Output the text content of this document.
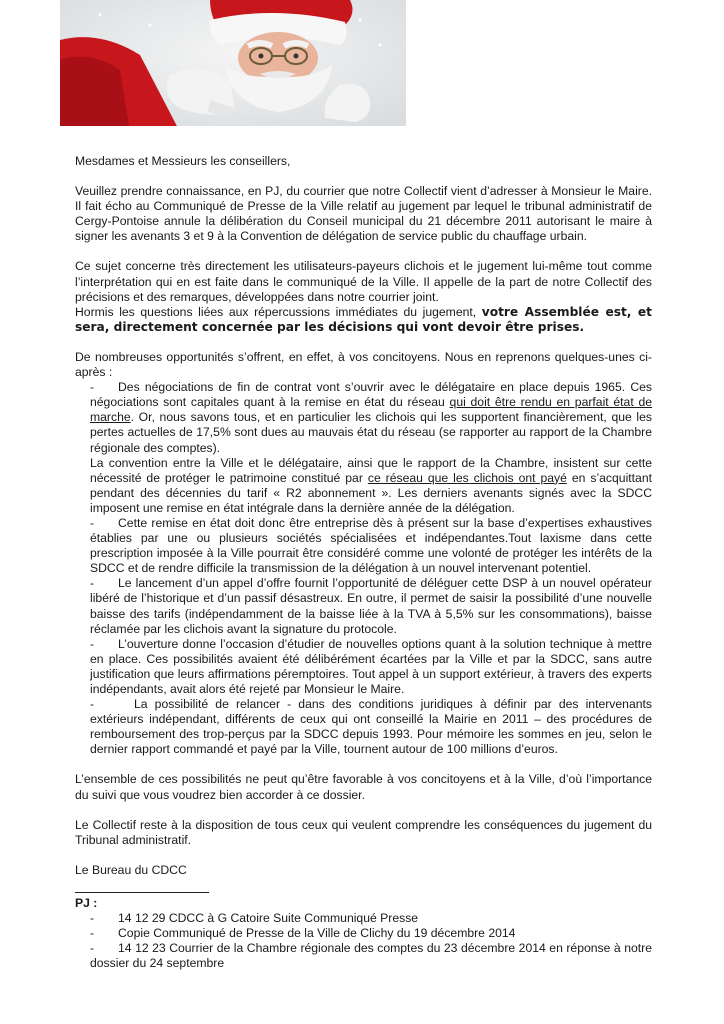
Mesdames et Messieurs les conseillers,

Veuillez prendre connaissance, en PJ, du courrier que notre Collectif vient d’adresser à Monsieur le Maire. Il fait écho au Communiqué de Presse de la Ville relatif au jugement par lequel le tribunal administratif de Cergy-Pontoise annule la délibération du Conseil municipal du 21 décembre 2011 autorisant le maire à signer les avenants 3 et 9 à la Convention de délégation de service public du chauffage urbain.

Ce sujet concerne très directement les utilisateurs-payeurs clichois et le jugement lui-même tout comme l’interprétation qui en est faite dans le communiqué de la Ville. Il appelle de la part de notre Collectif des précisions et des remarques, développées dans notre courrier joint.

Hormis les questions liées aux répercussions immédiates du jugement, votre Assemblée est, et sera, directement concernée par les décisions qui vont devoir être prises.

De nombreuses opportunités s’offrent, en effet, à vos concitoyens. Nous en reprenons quelques-unes ci-après :

- Des négociations de fin de contrat vont s’ouvrir avec le délégataire en place depuis 1965. Ces négociations sont capitales quant à la remise en état du réseau qui doit être rendu en parfait état de marche. Or, nous savons tous, et en particulier les clichois qui les supportent financièrement, que les pertes actuelles de 17,5% sont dues au mauvais état du réseau (se rapporter au rapport de la Chambre régionale des comptes).

La convention entre la Ville et le délégataire, ainsi que le rapport de la Chambre, insistent sur cette nécessité de protéger le patrimoine constitué par ce réseau que les clichois ont payé en s’acquittant pendant des décennies du tarif « R2 abonnement ». Les derniers avenants signés avec la SDCC imposent une remise en état intégrale dans la dernière année de la délégation.

- Cette remise en état doit donc être entreprise dès à présent sur la base d’expertises exhaustives établies par une ou plusieurs sociétés spécialisées et indépendantes.Tout laxisme dans cette prescription imposée à la Ville pourrait être considéré comme une volonté de protéger les intérêts de la SDCC et de rendre difficile la transmission de la délégation à un nouvel intervenant potentiel.

- Le lancement d’un appel d’offre fournit l’opportunité de déléguer cette DSP à un nouvel opérateur libéré de l’historique et d’un passif désastreux. En outre, il permet de saisir la possibilité d’une nouvelle baisse des tarifs (indépendamment de la baisse liée à la TVA à 5,5% sur les consommations), baisse réclamée par les clichois avant la signature du protocole.

- L’ouverture donne l’occasion d’étudier de nouvelles options quant à la solution technique à mettre en place. Ces possibilités avaient été délibérément écartées par la Ville et par la SDCC, sans autre justification que leurs affirmations péremptoires. Tout appel à un support extérieur, à travers des experts indépendants, avait alors été rejeté par Monsieur le Maire.

-	La possibilité de relancer - dans des conditions juridiques à définir par des intervenants extérieurs indépendant, différents de ceux qui ont conseillé la Mairie en 2011 – des procédures de remboursement des trop-perçus par la SDCC depuis 1993. Pour mémoire les sommes en jeu, selon le dernier rapport commandé et payé par la Ville, tournent autour de 100 millions d’euros.

L’ensemble de ces possibilités ne peut qu’être favorable à vos concitoyens et à la Ville, d’où l’importance du suivi que vous voudrez bien accorder à ce dossier.

Le Collectif reste à la disposition de tous ceux qui veulent comprendre les conséquences du jugement du Tribunal administratif.

Le Bureau du CDCC

PJ :

- 14 12 29 CDCC à G Catoire Suite Communiqué Presse

- Copie Communiqué de Presse de la Ville de Clichy du 19 décembre 2014

- 14 12 23 Courrier de la Chambre régionale des comptes du 23 décembre 2014 en réponse à notre dossier du 24 septembre
